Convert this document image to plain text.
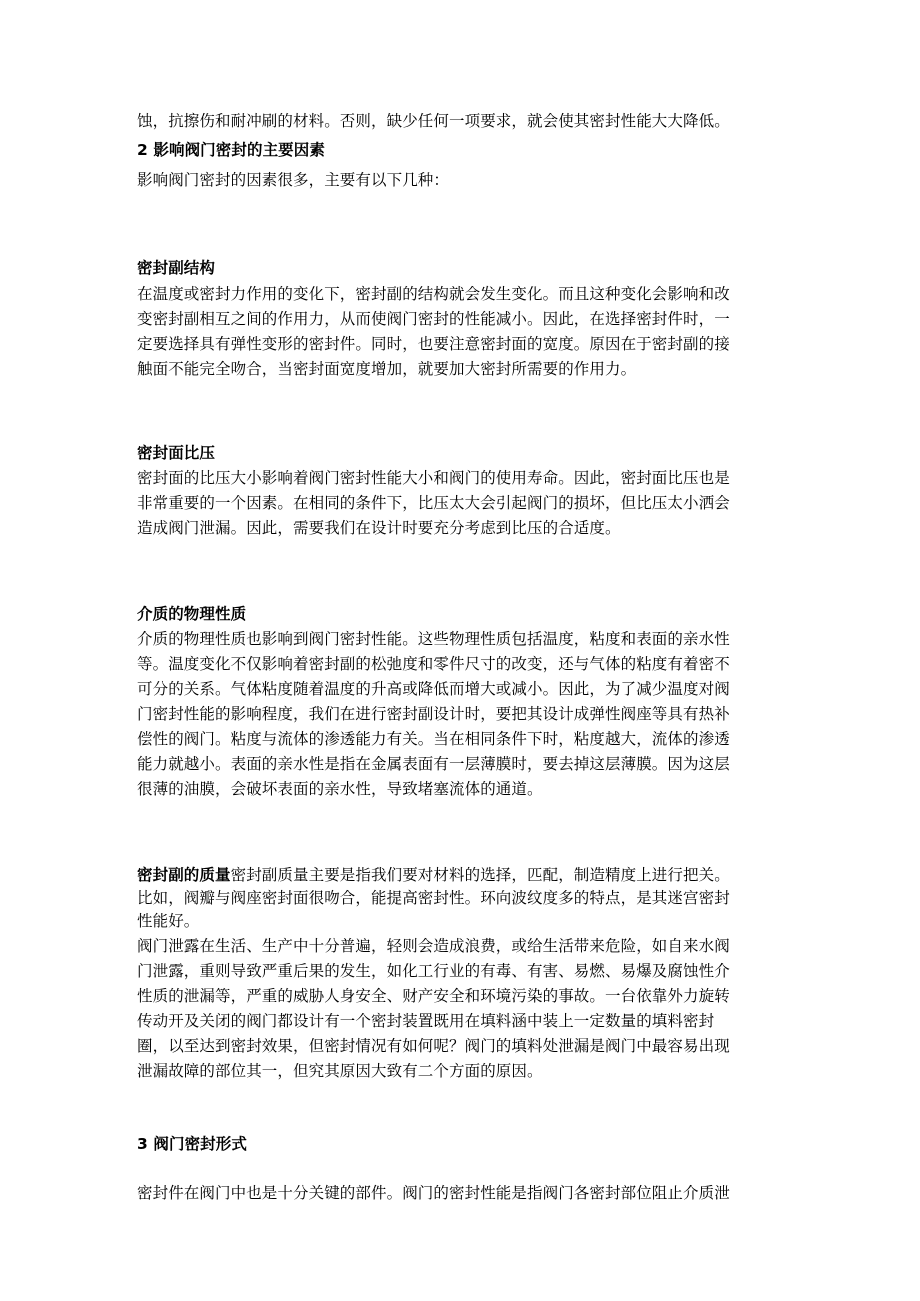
蚀，抗擦伤和耐冲刷的材料。否则，缺少任何一项要求，就会使其密封性能大大降低。
2 影响阀门密封的主要因素
影响阀门密封的因素很多，主要有以下几种：
密封副结构
在温度或密封力作用的变化下，密封副的结构就会发生变化。而且这种变化会影响和改
变密封副相互之间的作用力，从而使阀门密封的性能减小。因此，在选择密封件时，一
定要选择具有弹性变形的密封件。同时，也要注意密封面的宽度。原因在于密封副的接
触面不能完全吻合，当密封面宽度增加，就要加大密封所需要的作用力。
密封面比压
密封面的比压大小影响着阀门密封性能大小和阀门的使用寿命。因此，密封面比压也是
非常重要的一个因素。在相同的条件下，比压太大会引起阀门的损坏，但比压太小洒会
造成阀门泄漏。因此，需要我们在设计时要充分考虑到比压的合适度。
介质的物理性质
介质的物理性质也影响到阀门密封性能。这些物理性质包括温度，粘度和表面的亲水性
等。温度变化不仅影响着密封副的松弛度和零件尺寸的改变，还与气体的粘度有着密不
可分的关系。气体粘度随着温度的升高或降低而增大或减小。因此，为了减少温度对阀
门密封性能的影响程度，我们在进行密封副设计时，要把其设计成弹性阀座等具有热补
偿性的阀门。粘度与流体的渗透能力有关。当在相同条件下时，粘度越大，流体的渗透
能力就越小。表面的亲水性是指在金属表面有一层薄膜时，要去掉这层薄膜。因为这层
很薄的油膜，会破坏表面的亲水性，导致堵塞流体的通道。
密封副的质量密封副质量主要是指我们要对材料的选择，匹配，制造精度上进行把关。
比如，阀瓣与阀座密封面很吻合，能提高密封性。环向波纹度多的特点，是其迷宫密封
性能好。
阀门泄露在生活、生产中十分普遍，轻则会造成浪费，或给生活带来危险，如自来水阀
门泄露，重则导致严重后果的发生，如化工行业的有毒、有害、易燃、易爆及腐蚀性介
性质的泄漏等，严重的威胁人身安全、财产安全和环境污染的事故。一台依靠外力旋转
传动开及关闭的阀门都设计有一个密封装置既用在填料涵中装上一定数量的填料密封
圈，以至达到密封效果，但密封情况有如何呢？阀门的填料处泄漏是阀门中最容易出现
泄漏故障的部位其一，但究其原因大致有二个方面的原因。
3 阀门密封形式
密封件在阀门中也是十分关键的部件。阀门的密封性能是指阀门各密封部位阻止介质泄
